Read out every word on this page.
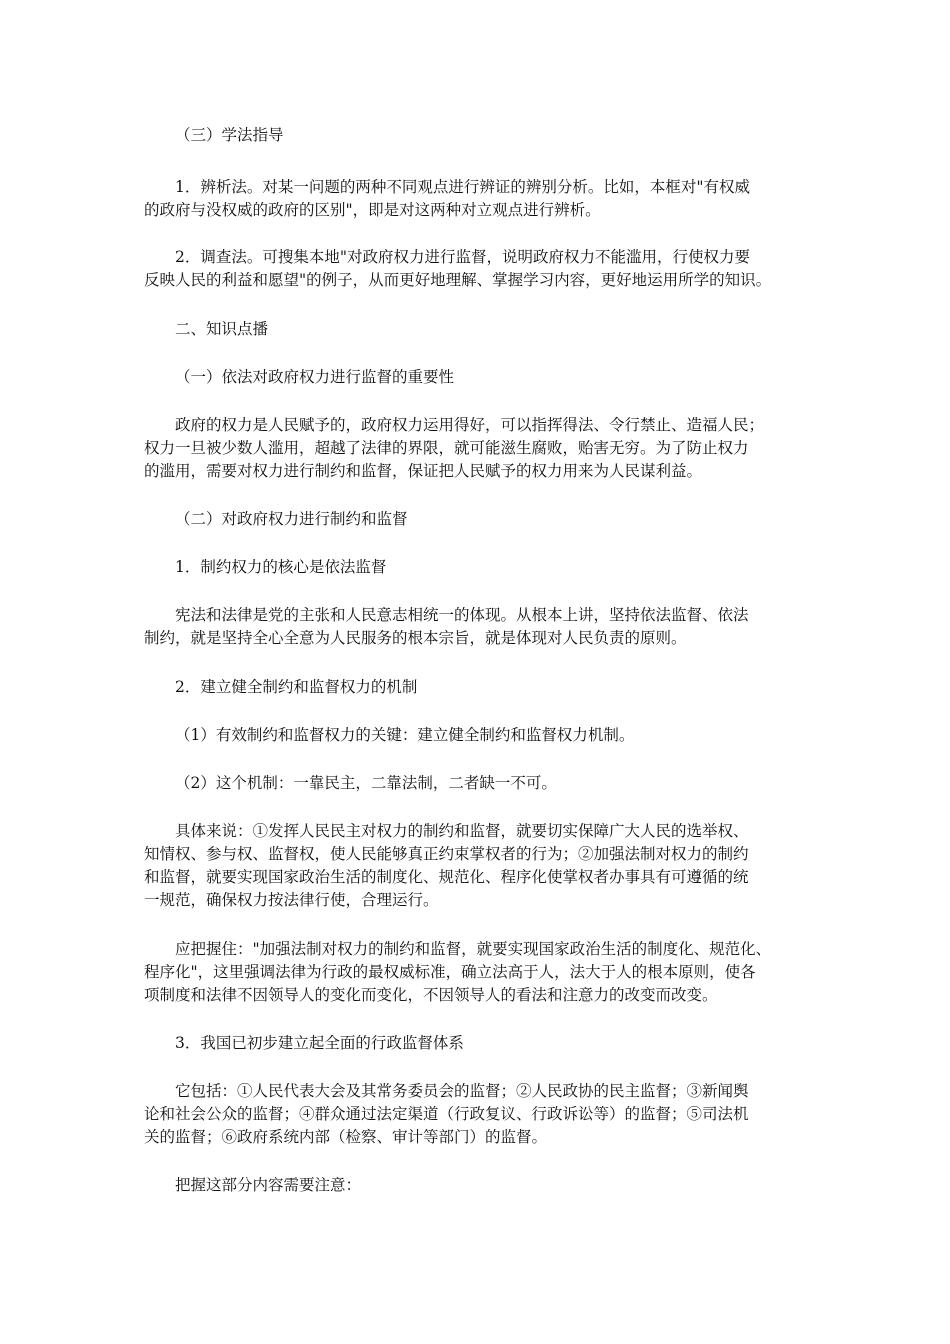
（三）学法指导
1．辨析法。对某一问题的两种不同观点进行辨证的辨别分析。比如，本框对"有权威
的政府与没权威的政府的区别"，即是对这两种对立观点进行辨析。
2．调查法。可搜集本地"对政府权力进行监督，说明政府权力不能滥用，行使权力要
反映人民的利益和愿望"的例子，从而更好地理解、掌握学习内容，更好地运用所学的知识。
二、知识点播
（一）依法对政府权力进行监督的重要性
政府的权力是人民赋予的，政府权力运用得好，可以指挥得法、令行禁止、造福人民；
权力一旦被少数人滥用，超越了法律的界限，就可能滋生腐败，贻害无穷。为了防止权力
的滥用，需要对权力进行制约和监督，保证把人民赋予的权力用来为人民谋利益。
（二）对政府权力进行制约和监督
1．制约权力的核心是依法监督
宪法和法律是党的主张和人民意志相统一的体现。从根本上讲，坚持依法监督、依法
制约，就是坚持全心全意为人民服务的根本宗旨，就是体现对人民负责的原则。
2．建立健全制约和监督权力的机制
（1）有效制约和监督权力的关键：建立健全制约和监督权力机制。
（2）这个机制：一靠民主，二靠法制，二者缺一不可。
具体来说：①发挥人民民主对权力的制约和监督，就要切实保障广大人民的选举权、
知情权、参与权、监督权，使人民能够真正约束掌权者的行为；②加强法制对权力的制约
和监督，就要实现国家政治生活的制度化、规范化、程序化使掌权者办事具有可遵循的统
一规范，确保权力按法律行使，合理运行。
应把握住："加强法制对权力的制约和监督，就要实现国家政治生活的制度化、规范化、
程序化"，这里强调法律为行政的最权威标准，确立法高于人，法大于人的根本原则，使各
项制度和法律不因领导人的变化而变化，不因领导人的看法和注意力的改变而改变。
3．我国已初步建立起全面的行政监督体系
它包括：①人民代表大会及其常务委员会的监督；②人民政协的民主监督；③新闻舆
论和社会公众的监督；④群众通过法定渠道（行政复议、行政诉讼等）的监督；⑤司法机
关的监督；⑥政府系统内部（检察、审计等部门）的监督。
把握这部分内容需要注意：
